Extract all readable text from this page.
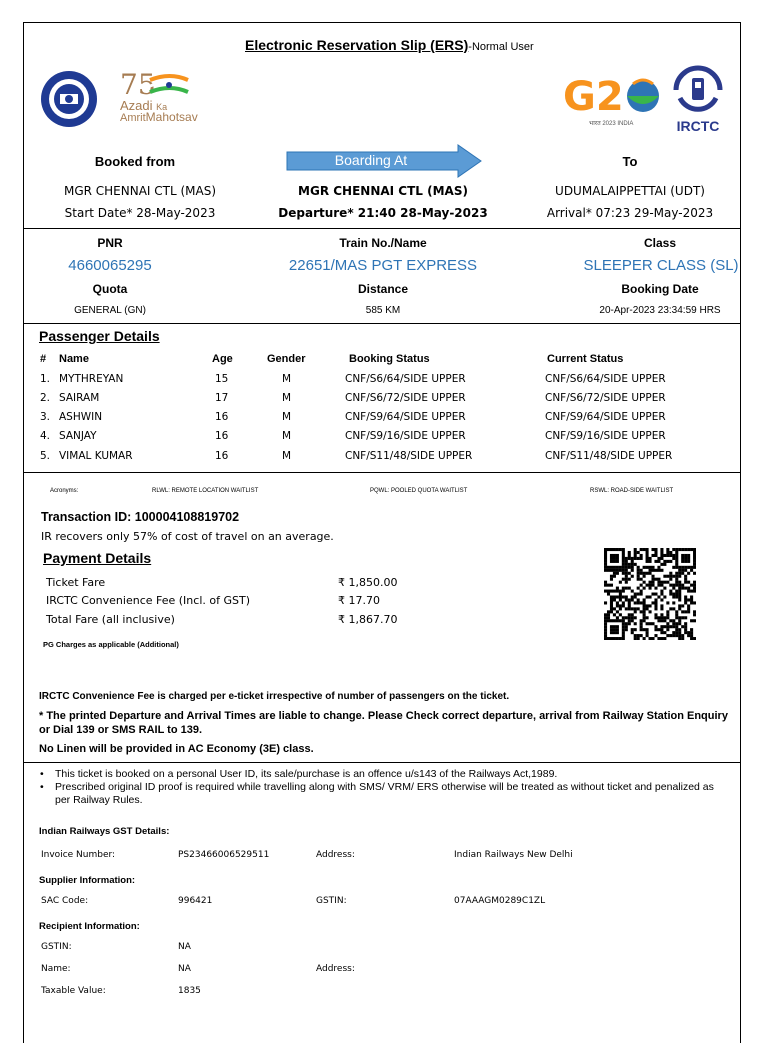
Electronic Reservation Slip (ERS)-Normal User
75
Azadi Ka
AmritMahotsav	G2
भारत 2023 INDIA	IRCTC
Booked from	Boarding At	To
MGR CHENNAI CTL (MAS)	MGR CHENNAI CTL (MAS)	UDUMALAIPPETTAI (UDT)
Start Date* 28-May-2023	Departure* 21:40 28-May-2023	Arrival* 07:23 29-May-2023
PNR	Train No./Name	Class
4660065295	22651/MAS PGT EXPRESS	SLEEPER CLASS (SL)
Quota	Distance	Booking Date
GENERAL (GN)	585 KM	20-Apr-2023 23:34:59 HRS
Passenger Details
# Name	Age	Gender	Booking Status	Current Status
1. MYTHREYAN	15	M	CNF/S6/64/SIDE UPPER	CNF/S6/64/SIDE UPPER
2. SAIRAM	17	M	CNF/S6/72/SIDE UPPER	CNF/S6/72/SIDE UPPER
3. ASHWIN	16	M	CNF/S9/64/SIDE UPPER	CNF/S9/64/SIDE UPPER
4. SANJAY	16	M	CNF/S9/16/SIDE UPPER	CNF/S9/16/SIDE UPPER
5. VIMAL KUMAR	16	M	CNF/S11/48/SIDE UPPER	CNF/S11/48/SIDE UPPER
Acronyms:	RLWL: REMOTE LOCATION WAITLIST	PQWL: POOLED QUOTA WAITLIST	RSWL: ROAD-SIDE WAITLIST
Transaction ID: 100004108819702
IR recovers only 57% of cost of travel on an average.
Payment Details
Ticket Fare	₹ 1,850.00
IRCTC Convenience Fee (Incl. of GST)	₹ 17.70
Total Fare (all inclusive)	₹ 1,867.70
PG Charges as applicable (Additional)
IRCTC Convenience Fee is charged per e-ticket irrespective of number of passengers on the ticket.
* The printed Departure and Arrival Times are liable to change. Please Check correct departure, arrival from Railway Station Enquiry or Dial 139 or SMS RAIL to 139.
No Linen will be provided in AC Economy (3E) class.
• This ticket is booked on a personal User ID, its sale/purchase is an offence u/s143 of the Railways Act,1989.
• Prescribed original ID proof is required while travelling along with SMS/ VRM/ ERS otherwise will be treated as without ticket and penalized as per Railway Rules.
Indian Railways GST Details:
Invoice Number:	PS23466006529511	Address:	Indian Railways New Delhi
Supplier Information:
SAC Code:	996421	GSTIN:	07AAAGM0289C1ZL
Recipient Information:
GSTIN:	NA
Name:	NA	Address:
Taxable Value:	1835
